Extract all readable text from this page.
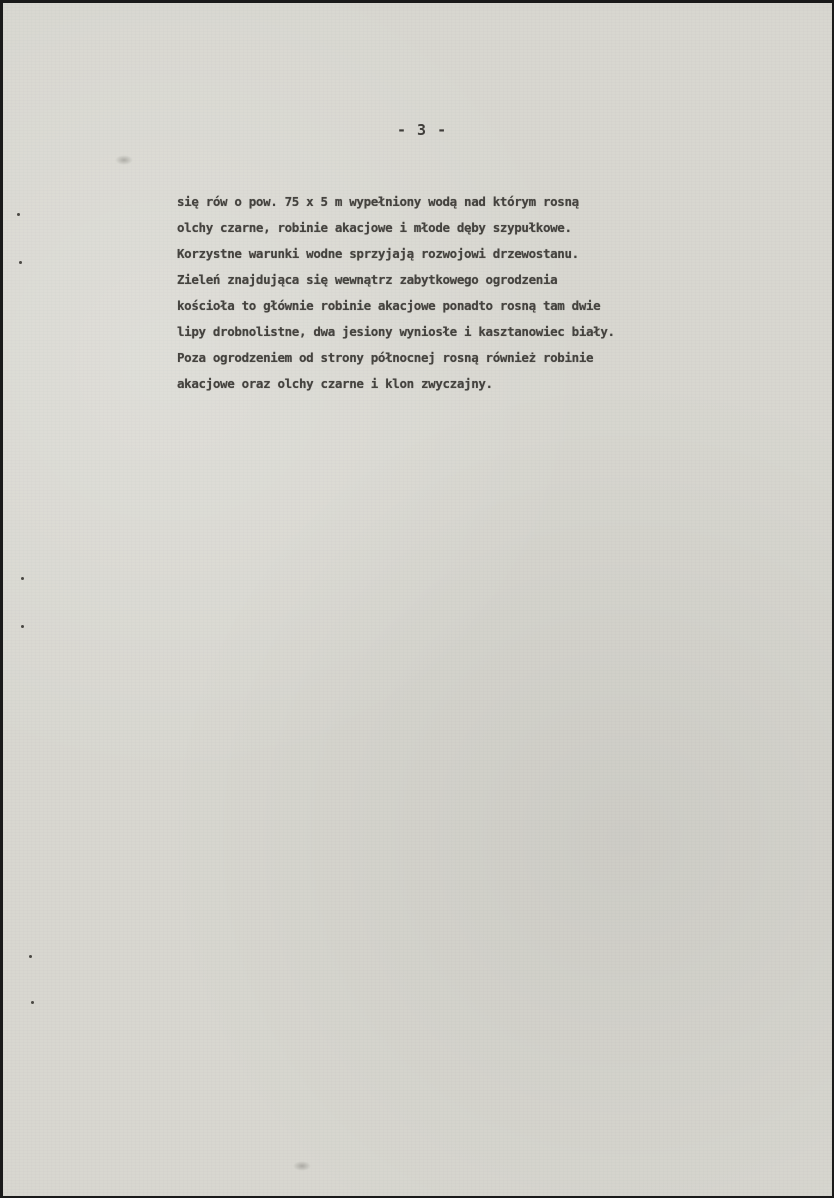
- 3 -
się rów o pow. 75 x 5 m wypełniony wodą nad którym rosną
olchy czarne, robinie akacjowe i młode dęby szypułkowe.
Korzystne warunki wodne sprzyjają rozwojowi drzewostanu.
Zieleń znajdująca się wewnątrz zabytkowego ogrodzenia
kościoła to głównie robinie akacjowe ponadto rosną tam dwie
lipy drobnolistne, dwa jesiony wyniosłe i kasztanowiec biały.
Poza ogrodzeniem od strony północnej rosną również robinie
akacjowe oraz olchy czarne i klon zwyczajny.
